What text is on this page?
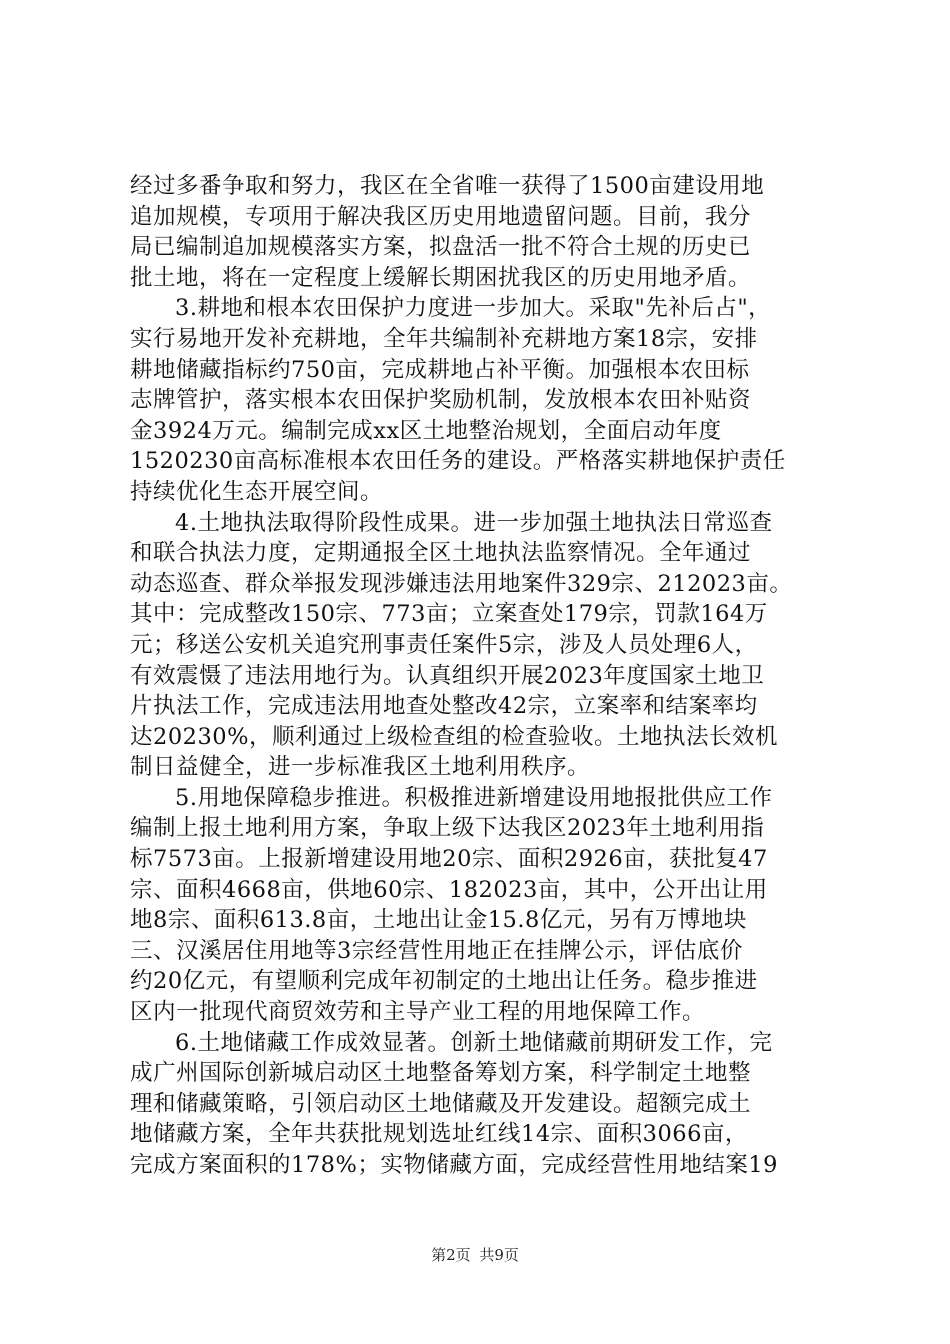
经过多番争取和努力，我区在全省唯一获得了1500亩建设用地
追加规模，专项用于解决我区历史用地遗留问题。目前，我分
局已编制追加规模落实方案，拟盘活一批不符合土规的历史已
批土地，将在一定程度上缓解长期困扰我区的历史用地矛盾。
3.耕地和根本农田保护力度进一步加大。采取"先补后占"，
实行易地开发补充耕地，全年共编制补充耕地方案18宗，安排
耕地储藏指标约750亩，完成耕地占补平衡。加强根本农田标
志牌管护，落实根本农田保护奖励机制，发放根本农田补贴资
金3924万元。编制完成xx区土地整治规划，全面启动年度
1520230亩高标准根本农田任务的建设。严格落实耕地保护责任
持续优化生态开展空间。
4.土地执法取得阶段性成果。进一步加强土地执法日常巡查
和联合执法力度，定期通报全区土地执法监察情况。全年通过
动态巡查、群众举报发现涉嫌违法用地案件329宗、212023亩。
其中：完成整改150宗、773亩；立案查处179宗，罚款164万
元；移送公安机关追究刑事责任案件5宗，涉及人员处理6人，
有效震慑了违法用地行为。认真组织开展2023年度国家土地卫
片执法工作，完成违法用地查处整改42宗，立案率和结案率均
达20230%，顺利通过上级检查组的检查验收。土地执法长效机
制日益健全，进一步标准我区土地利用秩序。
5.用地保障稳步推进。积极推进新增建设用地报批供应工作
编制上报土地利用方案，争取上级下达我区2023年土地利用指
标7573亩。上报新增建设用地20宗、面积2926亩，获批复47
宗、面积4668亩，供地60宗、182023亩，其中，公开出让用
地8宗、面积613.8亩，土地出让金15.8亿元，另有万博地块
三、汉溪居住用地等3宗经营性用地正在挂牌公示，评估底价
约20亿元，有望顺利完成年初制定的土地出让任务。稳步推进
区内一批现代商贸效劳和主导产业工程的用地保障工作。
6.土地储藏工作成效显著。创新土地储藏前期研发工作，完
成广州国际创新城启动区土地整备筹划方案，科学制定土地整
理和储藏策略，引领启动区土地储藏及开发建设。超额完成土
地储藏方案，全年共获批规划选址红线14宗、面积3066亩，
完成方案面积的178%；实物储藏方面，完成经营性用地结案19
第2页 共9页
